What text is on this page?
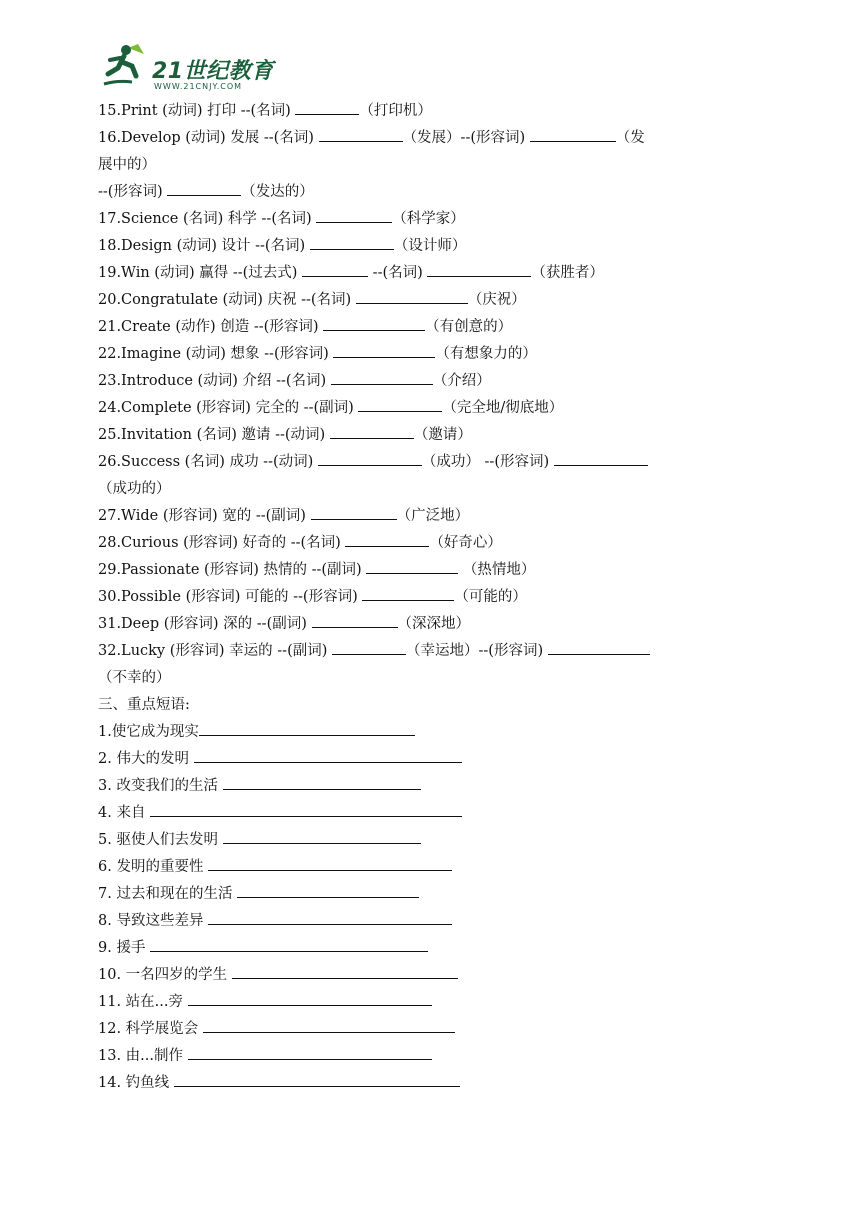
21世纪教育
WWW.21CNJY.COM
15.Print (动词) 打印 --(名词)	（打印机）
16.Develop (动词) 发展 --(名词)	（发展）--(形容词)	（发
展中的）
--(形容词)	（发达的）
17.Science (名词) 科学 --(名词)	（科学家）
18.Design (动词) 设计 --(名词)	（设计师）
19.Win (动词) 赢得 --(过去式)	--(名词)	（获胜者）
20.Congratulate (动词) 庆祝 --(名词)	（庆祝）
21.Create (动作) 创造 --(形容词)	（有创意的）
22.Imagine (动词) 想象 --(形容词)	（有想象力的）
23.Introduce (动词) 介绍 --(名词)	（介绍）
24.Complete (形容词) 完全的 --(副词)	（完全地/彻底地）
25.Invitation (名词) 邀请 --(动词)	（邀请）
26.Success (名词) 成功 --(动词)	（成功） --(形容词)
（成功的）
27.Wide (形容词) 宽的 --(副词)	（广泛地）
28.Curious (形容词) 好奇的 --(名词)	（好奇心）
29.Passionate (形容词) 热情的 --(副词)	（热情地）
30.Possible (形容词) 可能的 --(形容词)	（可能的）
31.Deep (形容词) 深的 --(副词)	（深深地）
32.Lucky (形容词) 幸运的 --(副词)	（幸运地）--(形容词)
（不幸的）
三、重点短语:
1.使它成为现实
2. 伟大的发明
3. 改变我们的生活
4. 来自
5. 驱使人们去发明
6. 发明的重要性
7. 过去和现在的生活
8. 导致这些差异
9. 援手
10. 一名四岁的学生
11. 站在...旁
12. 科学展览会
13. 由...制作
14. 钓鱼线
